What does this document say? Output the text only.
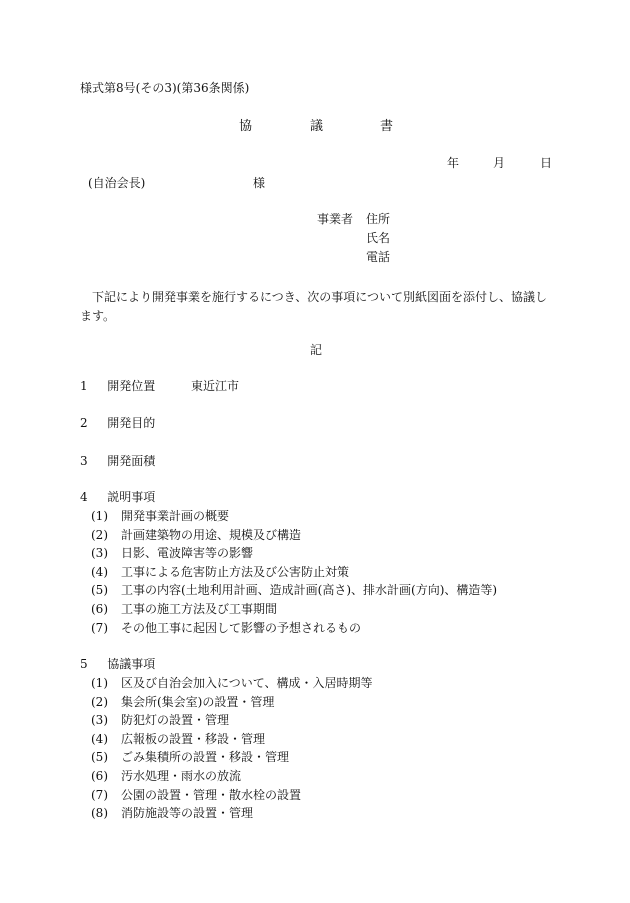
様式第8号(その3)(第36条関係)
協	議	書
年	月	日
(自治会長)	様
事業者 住所
氏名
電話
下記により開発事業を施行するにつき、次の事項について別紙図面を添付し、協議します。
記
1 開発位置	東近江市
2 開発目的
3 開発面積
4 説明事項
(1) 開発事業計画の概要
(2) 計画建築物の用途、規模及び構造
(3) 日影、電波障害等の影響
(4) 工事による危害防止方法及び公害防止対策
(5) 工事の内容(土地利用計画、造成計画(高さ)、排水計画(方向)、構造等)
(6) 工事の施工方法及び工事期間
(7) その他工事に起因して影響の予想されるもの
5 協議事項
(1) 区及び自治会加入について、構成・入居時期等
(2) 集会所(集会室)の設置・管理
(3) 防犯灯の設置・管理
(4) 広報板の設置・移設・管理
(5) ごみ集積所の設置・移設・管理
(6) 汚水処理・雨水の放流
(7) 公園の設置・管理・散水栓の設置
(8) 消防施設等の設置・管理
